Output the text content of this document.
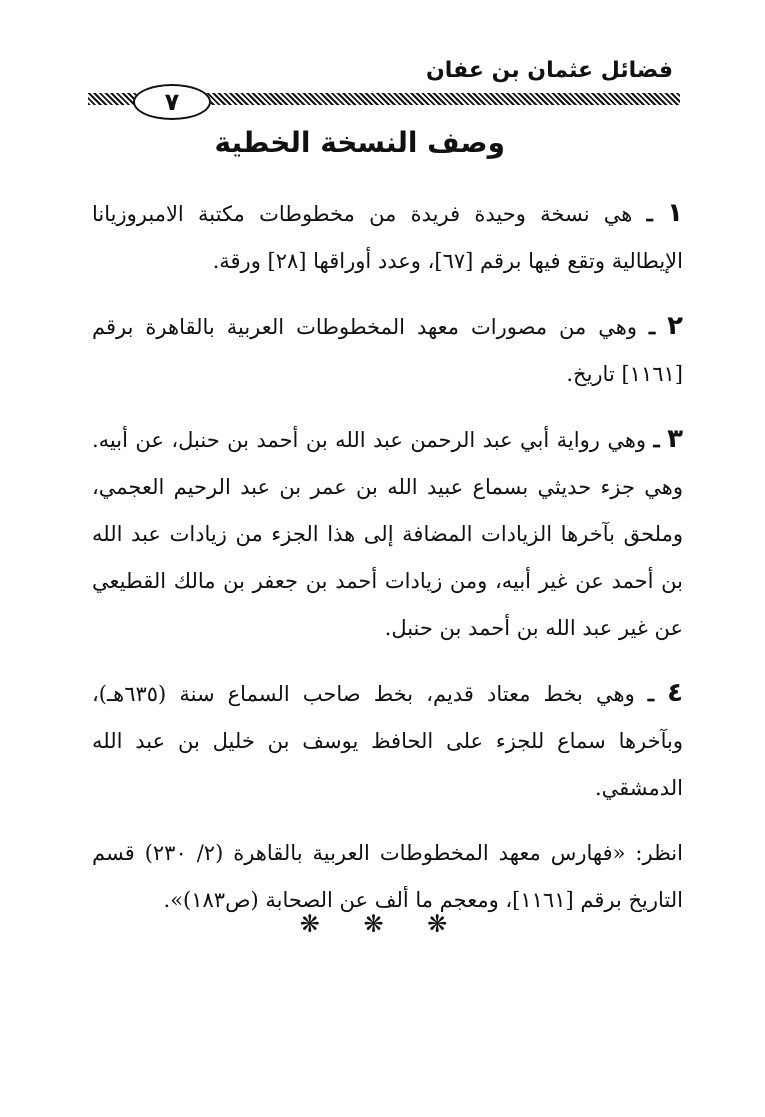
فضائل عثمان بن عفان
٧
وصف النسخة الخطية

١ ـ هي نسخة وحيدة فريدة من مخطوطات مكتبة الامبروزيانا الإيطالية وتقع فيها برقم [٦٧]، وعدد أوراقها [٢٨] ورقة.

٢ ـ وهي من مصورات معهد المخطوطات العربية بالقاهرة برقم [١١٦١] تاريخ.

٣ ـ وهي رواية أبي عبد الرحمن عبد الله بن أحمد بن حنبل، عن أبيه. وهي جزء حديثي بسماع عبيد الله بن عمر بن عبد الرحيم العجمي، وملحق بآخرها الزيادات المضافة إلى هذا الجزء من زيادات عبد الله بن أحمد عن غير أبيه، ومن زيادات أحمد بن جعفر بن مالك القطيعي عن غير عبد الله بن أحمد بن حنبل.

٤ ـ وهي بخط معتاد قديم، بخط صاحب السماع سنة (٦٣٥هـ)، وبآخرها سماع للجزء على الحافظ يوسف بن خليل بن عبد الله الدمشقي.

انظر: «فهارس معهد المخطوطات العربية بالقاهرة (٢/ ٢٣٠) قسم التاريخ برقم [١١٦١]، ومعجم ما ألف عن الصحابة (ص١٨٣)».

❋ ❋ ❋
